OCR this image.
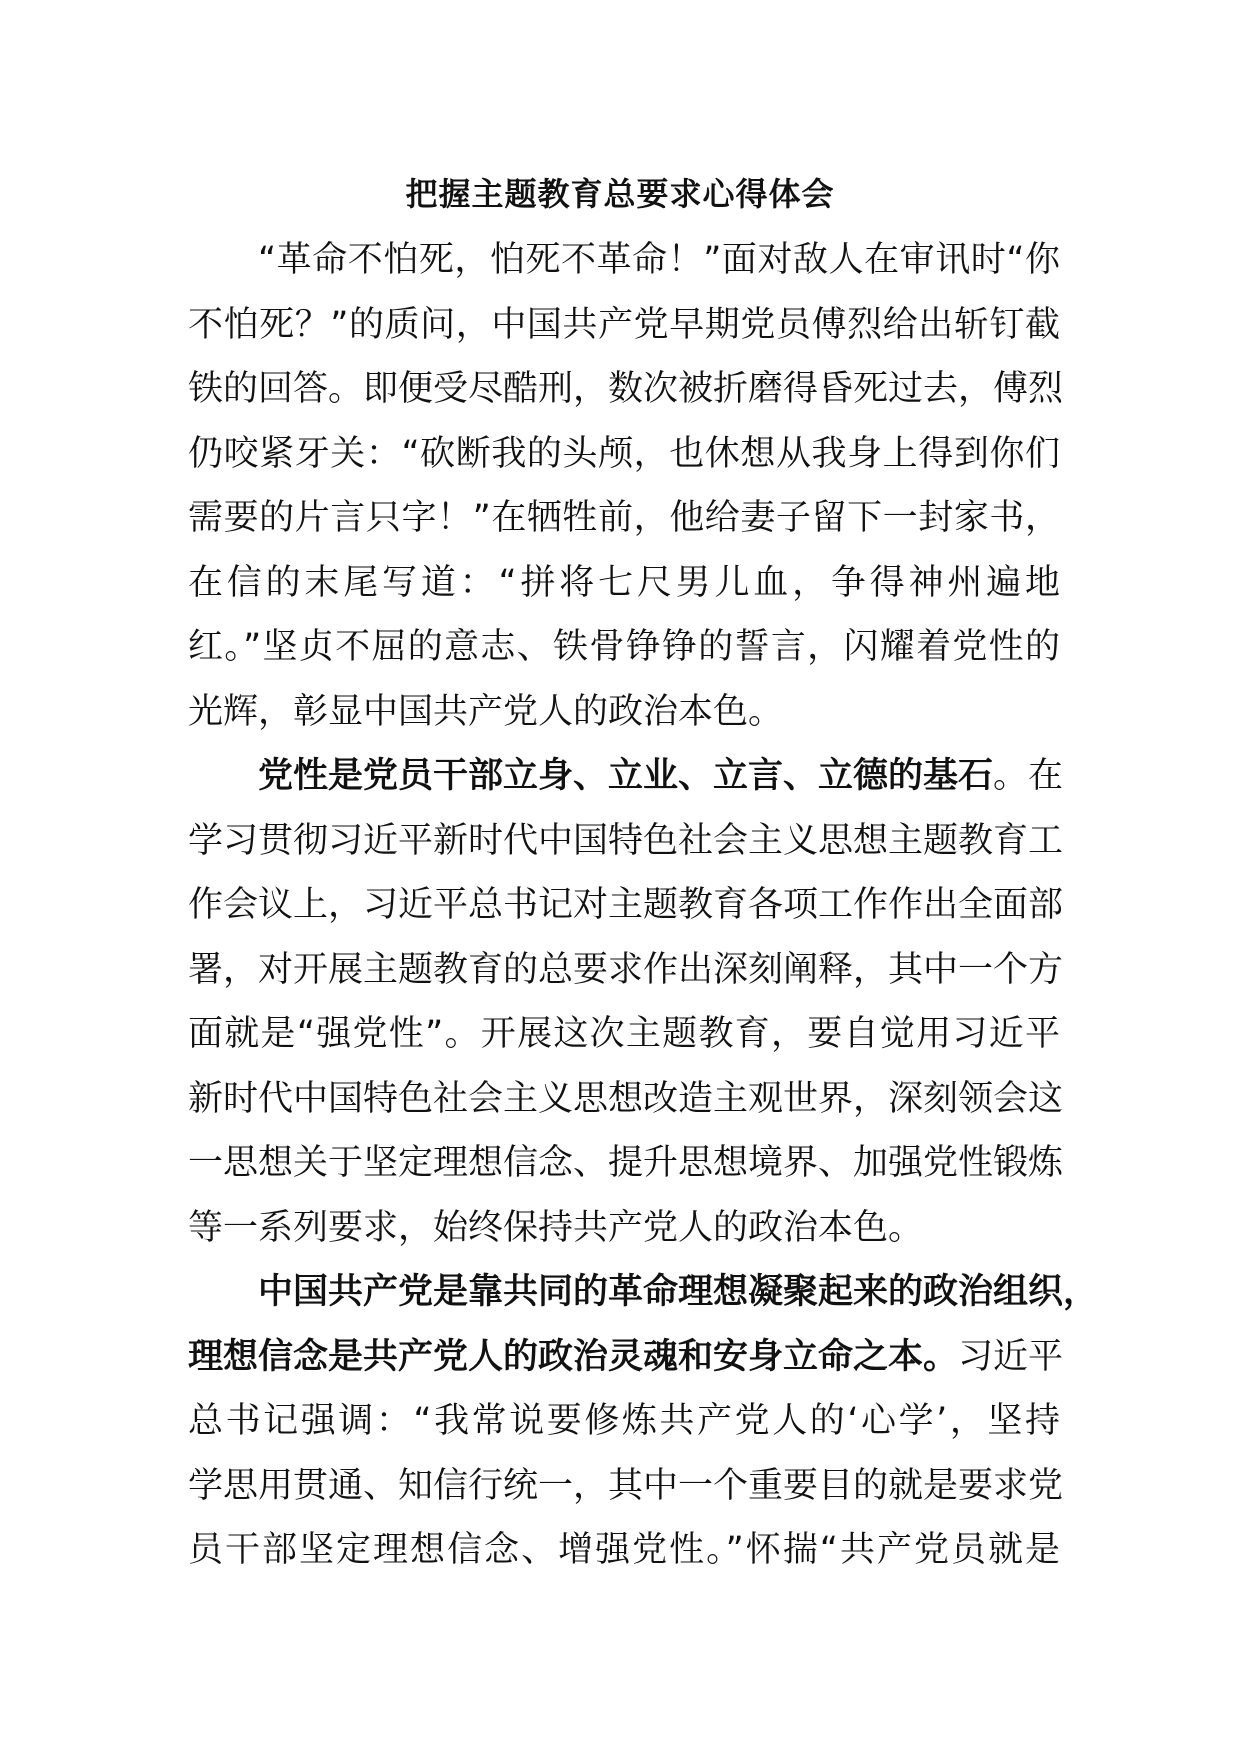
把握主题教育总要求心得体会
“革命不怕死，怕死不革命！”面对敌人在审讯时“你
不怕死？”的质问，中国共产党早期党员傅烈给出斩钉截
铁的回答。即便受尽酷刑，数次被折磨得昏死过去，傅烈
仍咬紧牙关：“砍断我的头颅，也休想从我身上得到你们
需要的片言只字！”在牺牲前，他给妻子留下一封家书，
在信的末尾写道：“拼将七尺男儿血，争得神州遍地
红。”坚贞不屈的意志、铁骨铮铮的誓言，闪耀着党性的
光辉，彰显中国共产党人的政治本色。
党性是党员干部立身、立业、立言、立德的基石。在
学习贯彻习近平新时代中国特色社会主义思想主题教育工
作会议上，习近平总书记对主题教育各项工作作出全面部
署，对开展主题教育的总要求作出深刻阐释，其中一个方
面就是“强党性”。开展这次主题教育，要自觉用习近平
新时代中国特色社会主义思想改造主观世界，深刻领会这
一思想关于坚定理想信念、提升思想境界、加强党性锻炼
等一系列要求，始终保持共产党人的政治本色。
中国共产党是靠共同的革命理想凝聚起来的政治组织，
理想信念是共产党人的政治灵魂和安身立命之本。习近平
总书记强调：“我常说要修炼共产党人的‘心学’，坚持
学思用贯通、知信行统一，其中一个重要目的就是要求党
员干部坚定理想信念、增强党性。”怀揣“共产党员就是
